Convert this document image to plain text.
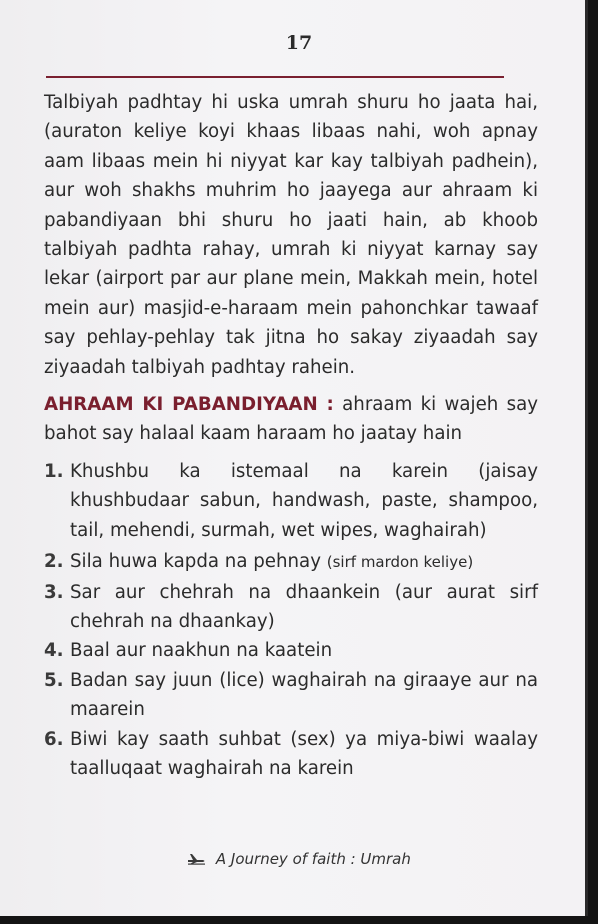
17

Talbiyah padhtay hi uska umrah shuru ho jaata hai, (auraton keliye koyi khaas libaas nahi, woh apnay aam libaas mein hi niyyat kar kay talbiyah padhein), aur woh shakhs muhrim ho jaayega aur ahraam ki pabandiyaan bhi shuru ho jaati hain, ab khoob talbiyah padhta rahay, umrah ki niyyat karnay say lekar (airport par aur plane mein, Makkah mein, hotel mein aur) masjid-e-haraam mein pahonchkar tawaaf say pehlay-pehlay tak jitna ho sakay ziyaadah say ziyaadah talbiyah padhtay rahein.

AHRAAM KI PABANDIYAAN : ahraam ki wajeh say bahot say halaal kaam haraam ho jaatay hain

1. Khushbu ka istemaal na karein (jaisay khushbudaar sabun, handwash, paste, shampoo, tail, mehendi, surmah, wet wipes, waghairah)
2. Sila huwa kapda na pehnay (sirf mardon keliye)
3. Sar aur chehrah na dhaankein (aur aurat sirf chehrah na dhaankay)
4. Baal aur naakhun na kaatein
5. Badan say juun (lice) waghairah na giraaye aur na maarein
6. Biwi kay saath suhbat (sex) ya miya-biwi waalay taalluqaat waghairah na karein
A Journey of faith : Umrah
